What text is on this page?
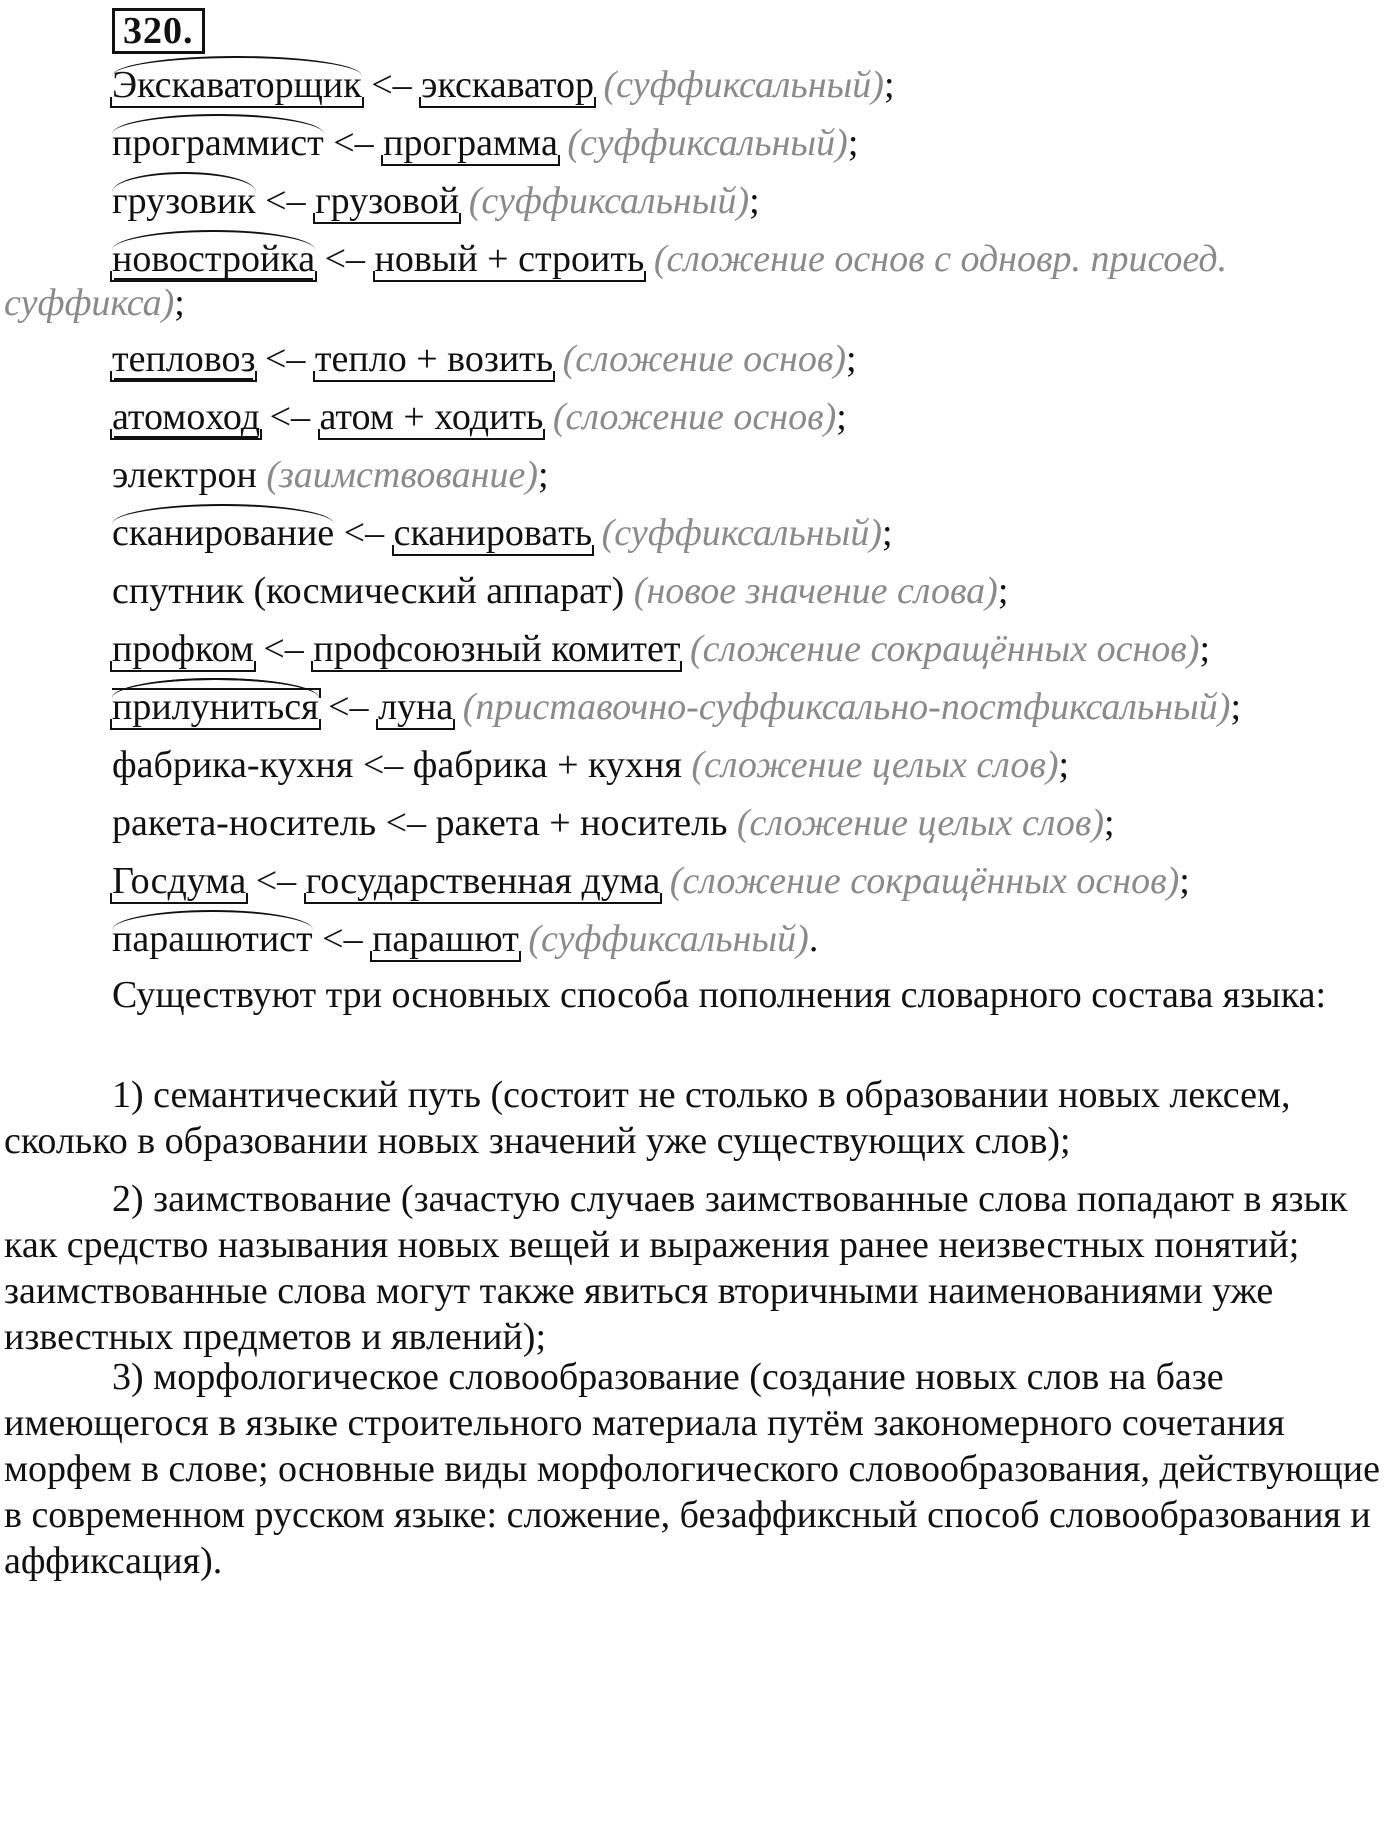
320.

Экскаваторщик <– экскаватор (суффиксальный);

программист <– программа (суффиксальный);

грузовик <– грузовой (суффиксальный);

новостройка <– новый + строить (сложение основ с одновр. присоед.

суффикса);

тепловоз <– тепло + возить (сложение основ);

атомоход <– атом + ходить (сложение основ);

электрон (заимствование);

сканирование <– сканировать (суффиксальный);

спутник (космический аппарат) (новое значение слова);

профком <– профсоюзный комитет (сложение сокращённых основ);

прилуниться <– луна (приставочно-суффиксально-постфиксальный);

фабрика-кухня <– фабрика + кухня (сложение целых слов);

ракета-носитель <– ракета + носитель (сложение целых слов);

Госдума <– государственная дума (сложение сокращённых основ);

парашютист <– парашют (суффиксальный).

Существуют три основных способа пополнения словарного состава языка:

1) семантический путь (состоит не столько в образовании новых лексем, сколько в образовании новых значений уже существующих слов);

2) заимствование (зачастую случаев заимствованные слова попадают в язык как средство называния новых вещей и выражения ранее неизвестных понятий; заимствованные слова могут также явиться вторичными наименованиями уже известных предметов и явлений);

3) морфологическое словообразование (создание новых слов на базе имеющегося в языке строительного материала путём закономерного сочетания морфем в слове; основные виды морфологического словообразования, действующие в современном русском языке: сложение, безаффиксный способ словообразования и аффиксация).
